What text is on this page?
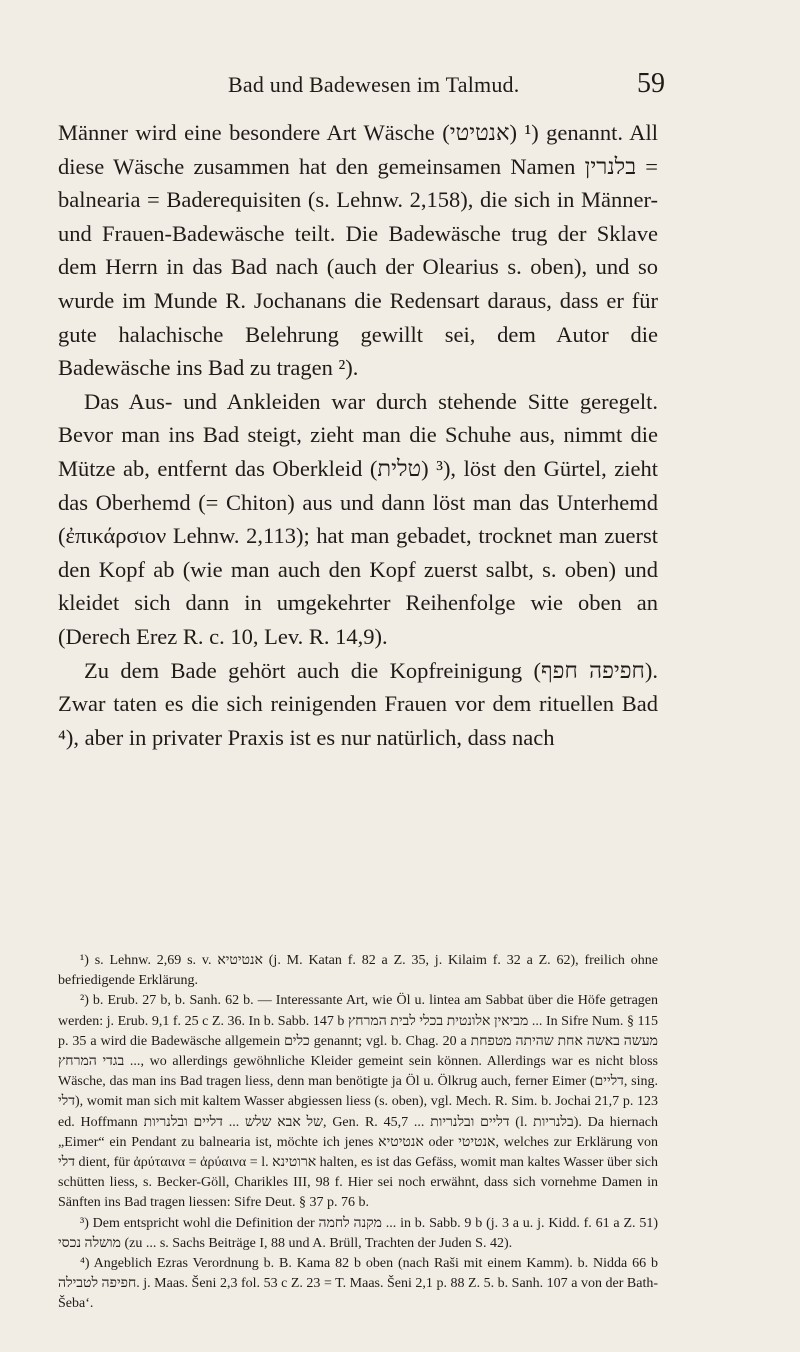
Bad und Badewesen im Talmud.	59

Männer wird eine besondere Art Wäsche (אנטיטי) ¹) genannt. All diese Wäsche zusammen hat den gemeinsamen Namen בלנרין = balnearia = Baderequisiten (s. Lehnw. 2,158), die sich in Männer- und Frauen-Badewäsche teilt. Die Badewäsche trug der Sklave dem Herrn in das Bad nach (auch der Olearius s. oben), und so wurde im Munde R. Jochanans die Redensart daraus, dass er für gute halachische Belehrung gewillt sei, dem Autor die Badewäsche ins Bad zu tragen ²).

Das Aus- und Ankleiden war durch stehende Sitte geregelt. Bevor man ins Bad steigt, zieht man die Schuhe aus, nimmt die Mütze ab, entfernt das Oberkleid (טלית) ³), löst den Gürtel, zieht das Oberhemd (= Chiton) aus und dann löst man das Unterhemd (ἐπικάρσιον Lehnw. 2,113); hat man gebadet, trocknet man zuerst den Kopf ab (wie man auch den Kopf zuerst salbt, s. oben) und kleidet sich dann in umgekehrter Reihenfolge wie oben an (Derech Erez R. c. 10, Lev. R. 14,9).

Zu dem Bade gehört auch die Kopfreinigung (חפיפה חפף). Zwar taten es die sich reinigenden Frauen vor dem rituellen Bad ⁴), aber in privater Praxis ist es nur natürlich, dass nach

¹) s. Lehnw. 2,69 s. v. אנטיטיא (j. M. Katan f. 82 a Z. 35, j. Kilaim f. 32 a Z. 62), freilich ohne befriedigende Erklärung.

²) b. Erub. 27 b, b. Sanh. 62 b. — Interessante Art, wie Öl u. lintea am Sabbat über die Höfe getragen werden: j. Erub. 9,1 f. 25 c Z. 36. In b. Sabb. 147 b מביאין אלונטית בכלי לבית המרחץ ... In Sifre Num. § 115 p. 35 a wird die Badewäsche allgemein כלים genannt; vgl. b. Chag. 20 a מעשה באשה אחת שהיתה מטפחת ... בגדי המרחץ, wo allerdings gewöhnliche Kleider gemeint sein können. Allerdings war es nicht bloss Wäsche, das man ins Bad tragen liess, denn man benötigte ja Öl u. Ölkrug auch, ferner Eimer (דליים, sing. דלי), womit man sich mit kaltem Wasser abgiessen liess (s. oben), vgl. Mech. R. Sim. b. Jochai 21,7 p. 123 ed. Hoffmann של אבא שלש ... דליים ובלנריות, Gen. R. 45,7 ... דליים ובלנריות (l. בלנריות). Da hiernach „Eimer“ ein Pendant zu balnearia ist, möchte ich jenes אנטיטיא oder אנטיטי, welches zur Erklärung von דלי dient, für ἀρύταινα = ἀρύαινα = l. ארוטינא halten, es ist das Gefäss, womit man kaltes Wasser über sich schütten liess, s. Becker-Göll, Charikles III, 98 f. Hier sei noch erwähnt, dass sich vornehme Damen in Sänften ins Bad tragen liessen: Sifre Deut. § 37 p. 76 b.

³) Dem entspricht wohl die Definition der מקנה לחמה ... in b. Sabb. 9 b (j. 3 a u. j. Kidd. f. 61 a Z. 51) מושלה נכסי (zu ... s. Sachs Beiträge I, 88 und A. Brüll, Trachten der Juden S. 42).

⁴) Angeblich Ezras Verordnung b. B. Kama 82 b oben (nach Raši mit einem Kamm). b. Nidda 66 b חפיפה לטבילה. j. Maas. Šeni 2,3 fol. 53 c Z. 23 = T. Maas. Šeni 2,1 p. 88 Z. 5. b. Sanh. 107 a von der Bath-Šeba‘.
